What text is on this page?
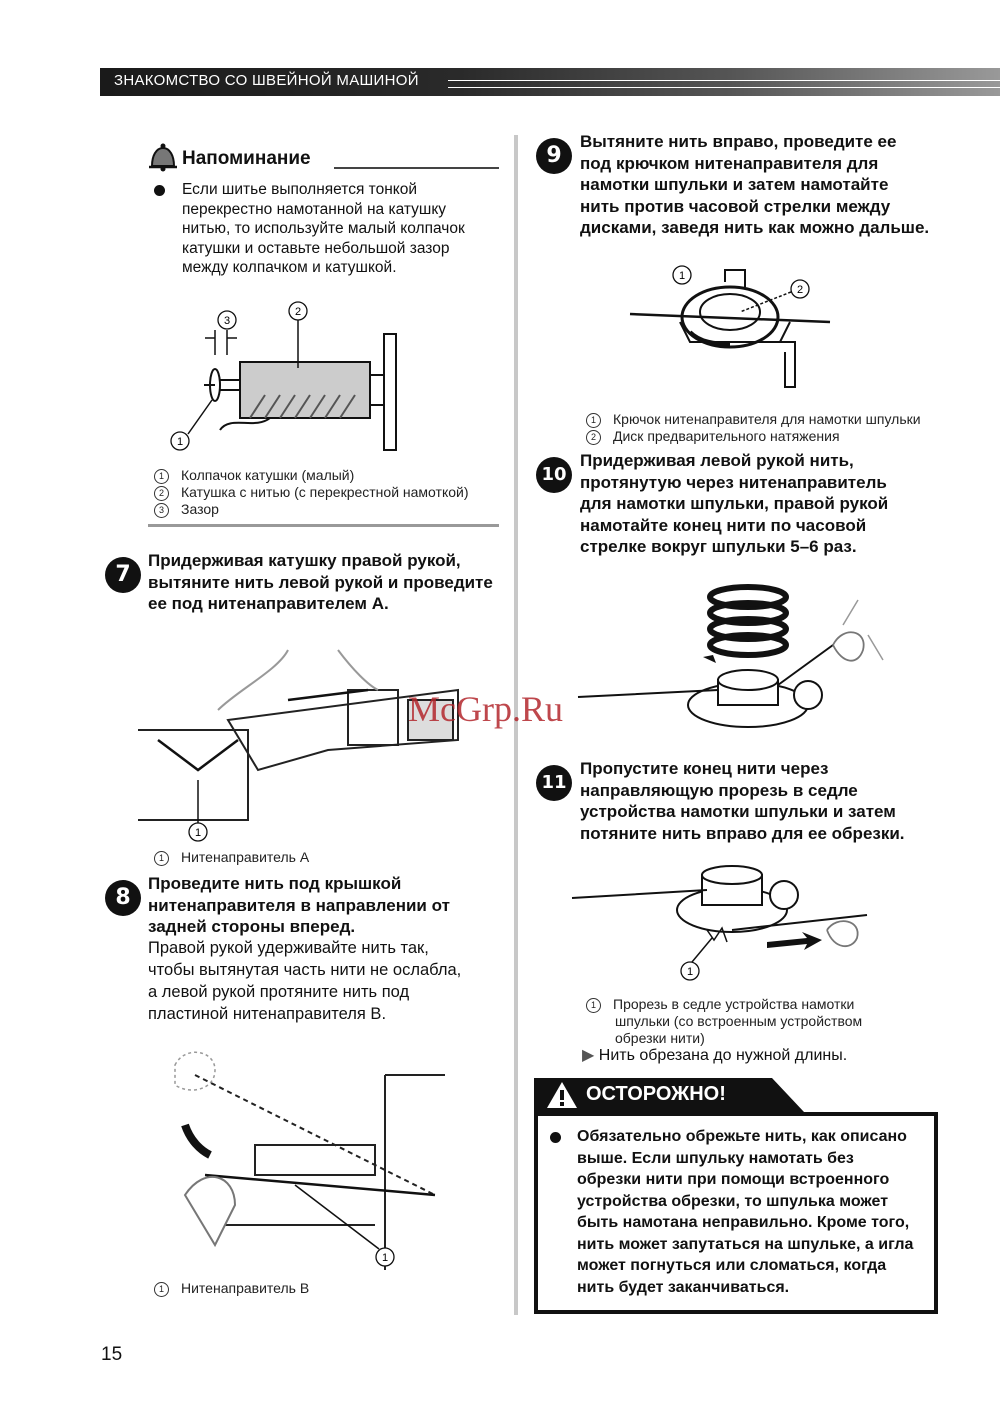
ЗНАКОМСТВО СО ШВЕЙНОЙ МАШИНОЙ
Напоминание
Если шитье выполняется тонкой
перекрестно намотанной на катушку
нитью, то используйте малый колпачок
катушки и оставьте небольшой зазор
между колпачком и катушкой.
3
2
1
1 Колпачок катушки (малый)
2 Катушка с нитью (с перекрестной намоткой)
3 Зазор
7
Придерживая катушку правой рукой,
вытяните нить левой рукой и проведите
ее под нитенаправителем A.
1
1 Нитенаправитель A
8
Проведите нить под крышкой
нитенаправителя в направлении от
задней стороны вперед.
Правой рукой удерживайте нить так,
чтобы вытянутая часть нити не ослабла,
а левой рукой протяните нить под
пластиной нитенаправителя B.
1
1 Нитенаправитель B
9
Вытяните нить вправо, проведите ее
под крючком нитенаправителя для
намотки шпульки и затем намотайте
нить против часовой стрелки между
дисками, заведя нить как можно дальше.
1
2
1 Крючок нитенаправителя для намотки шпульки
2 Диск предварительного натяжения
10
Придерживая левой рукой нить,
протянутую через нитенаправитель
для намотки шпульки, правой рукой
намотайте конец нити по часовой
стрелке вокруг шпульки 5–6 раз.
11
Пропустите конец нити через
направляющую прорезь в седле
устройства намотки шпульки и затем
потяните нить вправо для ее обрезки.
1
1 Прорезь в седле устройства намотки
шпульки (со встроенным устройством
обрезки нити)
▶ Нить обрезана до нужной длины.
ОСТОРОЖНО!
Обязательно обрежьте нить, как описано
выше. Если шпульку намотать без
обрезки нити при помощи встроенного
устройства обрезки, то шпулька может
быть намотана неправильно. Кроме того,
нить может запутаться на шпульке, а игла
может погнуться или сломаться, когда
нить будет заканчиваться.
McGrp.Ru
15
